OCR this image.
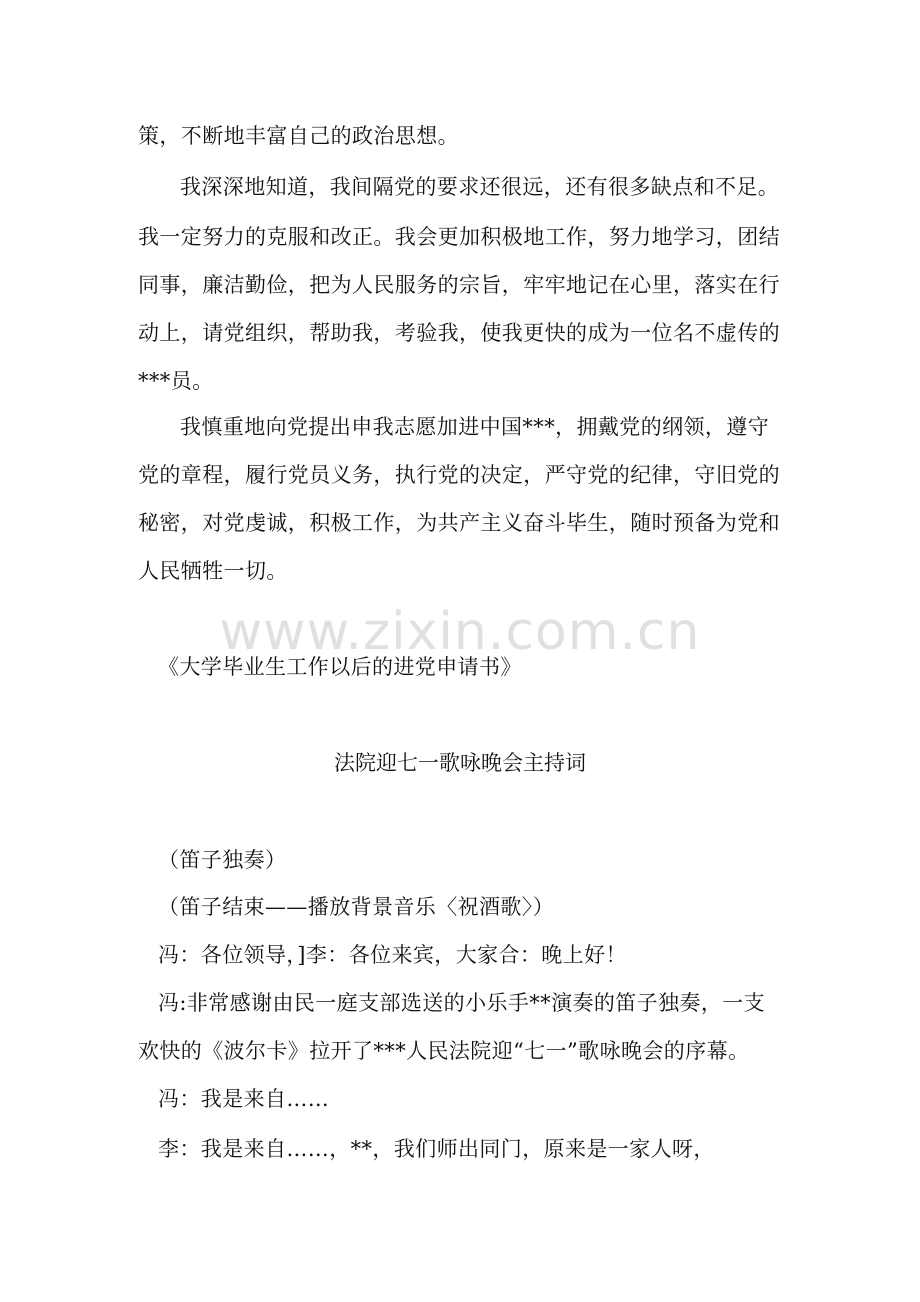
策，不断地丰富自己的政治思想。
我深深地知道，我间隔党的要求还很远，还有很多缺点和不足。
我一定努力的克服和改正。我会更加积极地工作，努力地学习，团结
同事，廉洁勤俭，把为人民服务的宗旨，牢牢地记在心里，落实在行
动上，请党组织，帮助我，考验我，使我更快的成为一位名不虚传的
***员。
我慎重地向党提出申我志愿加进中国***，拥戴党的纲领，遵守
党的章程，履行党员义务，执行党的决定，严守党的纪律，守旧党的
秘密，对党虔诚，积极工作，为共产主义奋斗毕生，随时预备为党和
人民牺牲一切。
www.zixin.com.cn
《大学毕业生工作以后的进党申请书》
法院迎七一歌咏晚会主持词
（笛子独奏）
（笛子结束——播放背景音乐〈祝酒歌〉）
冯：各位领导，]李：各位来宾，大家合：晚上好！
冯:非常感谢由民一庭支部选送的小乐手**演奏的笛子独奏，一支
欢快的《波尔卡》拉开了***人民法院迎“七一”歌咏晚会的序幕。
冯：我是来自……
李：我是来自……，**，我们师出同门，原来是一家人呀，
